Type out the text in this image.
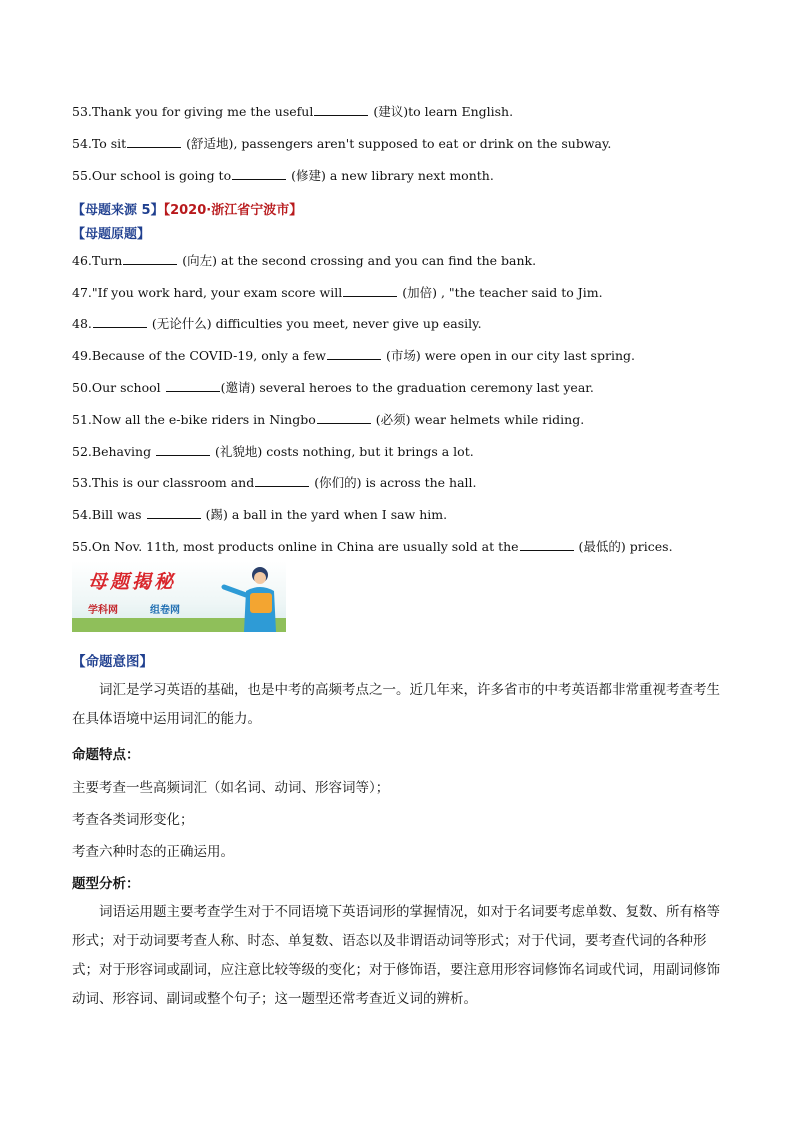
53.Thank you for giving me the useful	(建议)to learn English.
54.To sit	(舒适地), passengers aren't supposed to eat or drink on the subway.
55.Our school is going to	(修建) a new library next month.
【母题来源 5】【2020·浙江省宁波市】
【母题原题】
46.Turn	(向左) at the second crossing and you can find the bank.
47."If you work hard, your exam score will	(加倍) , "the teacher said to Jim.
48.	(无论什么) difficulties you meet, never give up easily.
49.Because of the COVID-19, only a few	(市场) were open in our city last spring.
50.Our school	(邀请) several heroes to the graduation ceremony last year.
51.Now all the e-bike riders in Ningbo	(必须) wear helmets while riding.
52.Behaving	(礼貌地) costs nothing, but it brings a lot.
53.This is our classroom and	(你们的) is across the hall.
54.Bill was	(踢) a ball in the yard when I saw him.
55.On Nov. 11th, most products online in China are usually sold at the	(最低的) prices.
母题揭秘
学科网	组卷网
【命题意图】
词汇是学习英语的基础，也是中考的高频考点之一。近几年来，许多省市的中考英语都非常重视考查考生在具体语境中运用词汇的能力。
命题特点：
主要考查一些高频词汇（如名词、动词、形容词等）；
考查各类词形变化；
考查六种时态的正确运用。
题型分析：
词语运用题主要考查学生对于不同语境下英语词形的掌握情况，如对于名词要考虑单数、复数、所有格等形式；对于动词要考查人称、时态、单复数、语态以及非谓语动词等形式；对于代词，要考查代词的各种形式；对于形容词或副词，应注意比较等级的变化；对于修饰语，要注意用形容词修饰名词或代词，用副词修饰动词、形容词、副词或整个句子；这一题型还常考查近义词的辨析。
